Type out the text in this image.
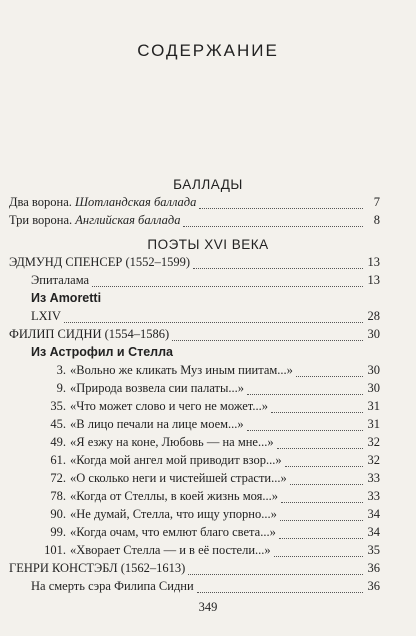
СОДЕРЖАНИЕ
БАЛЛАДЫ
Два ворона. Шотландская баллада	7
Три ворона. Английская баллада	8
ПОЭТЫ XVI ВЕКА
ЭДМУНД СПЕНСЕР (1552–1599)	13
Эпиталама	13
Из Amoretti
LXIV	28
ФИЛИП СИДНИ (1554–1586)	30
Из Астрофил и Стелла
3. «Вольно же кликать Муз иным пиитам...»	30
9. «Природа возвела сии палаты...»	30
35. «Что может слово и чего не может...»	31
45. «В лицо печали на лице моем...»	31
49. «Я езжу на коне, Любовь — на мне...»	32
61. «Когда мой ангел мой приводит взор...»	32
72. «О сколько неги и чистейшей страсти...»	33
78. «Когда от Стеллы, в коей жизнь моя...»	33
90. «Не думай, Стелла, что ищу упорно...»	34
99. «Когда очам, что емлют благо света...»	34
101. «Хворает Стелла — и в её постели...»	35
ГЕНРИ КОНСТЭБЛ (1562–1613)	36
На смерть сэра Филипа Сидни	36
349
